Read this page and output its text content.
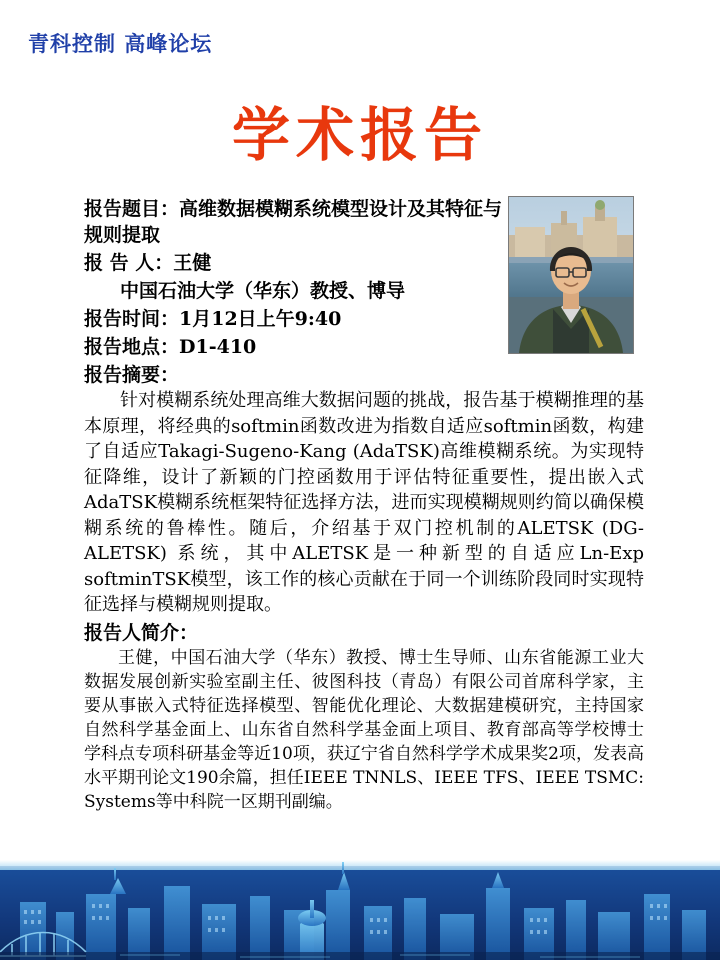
青科控制 高峰论坛
学术报告

报告题目：高维数据模糊系统模型设计及其特征与规则提取

报 告 人：王健

中国石油大学（华东）教授、博导

报告时间：1月12日上午9:40

报告地点：D1-410

报告摘要：

针对模糊系统处理高维大数据问题的挑战，报告基于模糊推理的基本原理，将经典的softmin函数改进为指数自适应softmin函数，构建了自适应Takagi-Sugeno-Kang (AdaTSK)高维模糊系统。为实现特征降维，设计了新颖的门控函数用于评估特征重要性，提出嵌入式AdaTSK模糊系统框架特征选择方法，进而实现模糊规则约简以确保模糊系统的鲁棒性。随后，介绍基于双门控机制的ALETSK (DG-ALETSK) 系统，其中ALETSK是一种新型的自适应Ln-Exp softminTSK模型，该工作的核心贡献在于同一个训练阶段同时实现特征选择与模糊规则提取。

报告人简介：

王健，中国石油大学（华东）教授、博士生导师、山东省能源工业大数据发展创新实验室副主任、彼图科技（青岛）有限公司首席科学家，主要从事嵌入式特征选择模型、智能优化理论、大数据建模研究，主持国家自然科学基金面上、山东省自然科学基金面上项目、教育部高等学校博士学科点专项科研基金等近10项，获辽宁省自然科学学术成果奖2项，发表高水平期刊论文190余篇，担任IEEE TNNLS、IEEE TFS、IEEE TSMC: Systems等中科院一区期刊副编。
